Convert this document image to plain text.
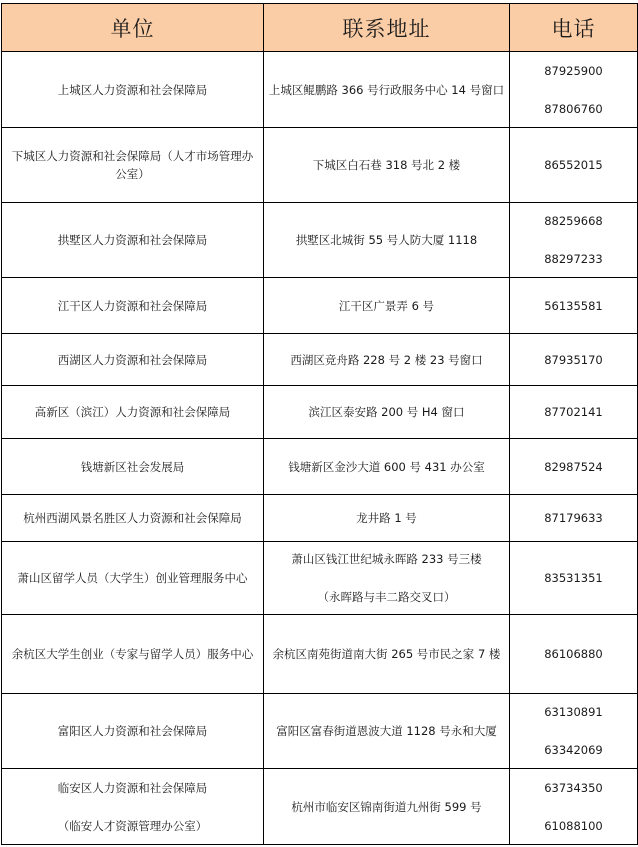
单位	联系地址	电话

上城区人力资源和社会保障局	上城区鲲鹏路 366 号行政服务中心 14 号窗口	87925900
87806760

下城区人力资源和社会保障局（人才市场管理办
公室）	下城区白石巷 318 号北 2 楼	86552015

拱墅区人力资源和社会保障局	拱墅区北城街 55 号人防大厦 1118	88259668
88297233

江干区人力资源和社会保障局	江干区广景弄 6 号	56135581

西湖区人力资源和社会保障局	西湖区竞舟路 228 号 2 楼 23 号窗口	87935170

高新区（滨江）人力资源和社会保障局	滨江区泰安路 200 号 H4 窗口	87702141

钱塘新区社会发展局	钱塘新区金沙大道 600 号 431 办公室	82987524

杭州西湖风景名胜区人力资源和社会保障局	龙井路 1 号	87179633

萧山区留学人员（大学生）创业管理服务中心	萧山区钱江世纪城永晖路 233 号三楼
（永晖路与丰二路交叉口）	83531351

余杭区大学生创业（专家与留学人员）服务中心	余杭区南苑街道南大街 265 号市民之家 7 楼	86106880

富阳区人力资源和社会保障局	富阳区富春街道恩波大道 1128 号永和大厦	63130891
63342069

临安区人力资源和社会保障局
（临安人才资源管理办公室）	杭州市临安区锦南街道九州街 599 号	63734350
61088100
